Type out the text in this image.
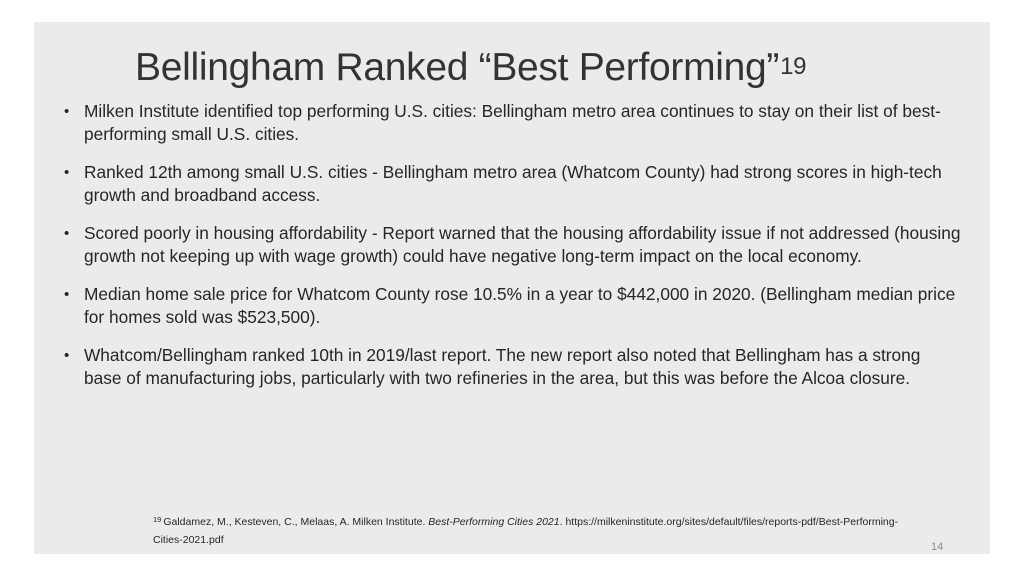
Bellingham Ranked “Best Performing”$^{19}$
• Milken Institute identified top performing U.S. cities: Bellingham metro area continues to stay on their list of best-performing small U.S. cities.
• Ranked 12th among small U.S. cities - Bellingham metro area (Whatcom County) had strong scores in high-tech growth and broadband access.
• Scored poorly in housing affordability - Report warned that the housing affordability issue if not addressed (housing growth not keeping up with wage growth) could have negative long-term impact on the local economy.
• Median home sale price for Whatcom County rose 10.5% in a year to $442,000 in 2020. (Bellingham median price for homes sold was $523,500).
• Whatcom/Bellingham ranked 10th in 2019/last report. The new report also noted that Bellingham has a strong base of manufacturing jobs, particularly with two refineries in the area, but this was before the Alcoa closure.
$^{19}$ Galdamez, M., Kesteven, C., Melaas, A. Milken Institute. Best-Performing Cities 2021. https://milkeninstitute.org/sites/default/files/reports-pdf/Best-Performing-Cities-2021.pdf
14
